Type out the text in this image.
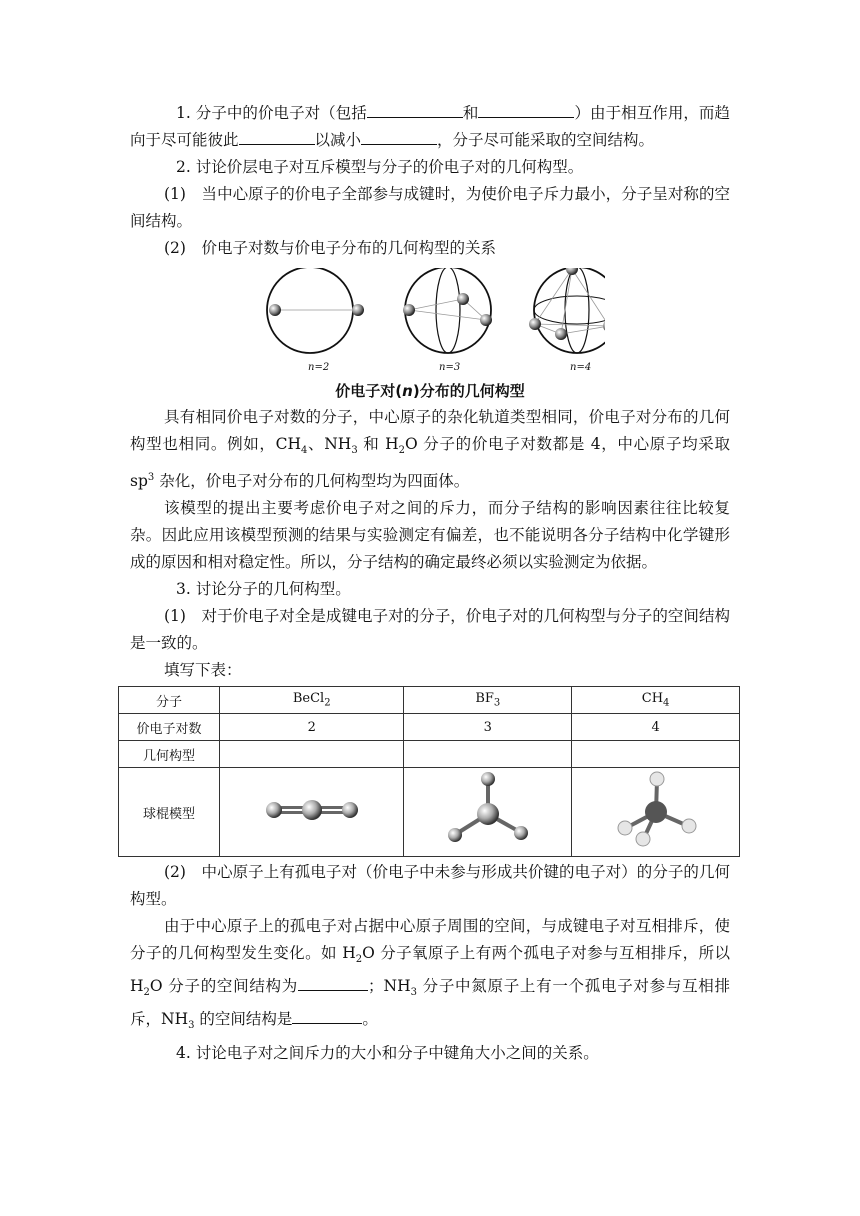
1. 分子中的价电子对（包括	和	）由于相互作用，而趋向于尽可能彼此	以减小	，分子尽可能采取的空间结构。

2. 讨论价层电子对互斥模型与分子的价电子对的几何构型。

(1)　当中心原子的价电子全部参与成键时，为使价电子斥力最小，分子呈对称的空间结构。

(2)　价电子对数与价电子分布的几何构型的关系

n=2	n=3	n=4
价电子对(n)分布的几何构型

具有相同价电子对数的分子，中心原子的杂化轨道类型相同，价电子对分布的几何构型也相同。例如，$CH_4$、$NH_3$ 和 $H_2O$ 分子的价电子对数都是 4，中心原子均采取 $sp^3$ 杂化，价电子对分布的几何构型均为四面体。

该模型的提出主要考虑价电子对之间的斥力，而分子结构的影响因素往往比较复杂。因此应用该模型预测的结果与实验测定有偏差，也不能说明各分子结构中化学键形成的原因和相对稳定性。所以，分子结构的确定最终必须以实验测定为依据。

3. 讨论分子的几何构型。

(1)　对于价电子对全是成键电子对的分子，价电子对的几何构型与分子的空间结构是一致的。

填写下表：

分子	BeCl$_2$	$BF_3$	$CH_4$
价电子对数	2	3	4
几何构型			
球棍模型			

(2)　中心原子上有孤电子对（价电子中未参与形成共价键的电子对）的分子的几何构型。

由于中心原子上的孤电子对占据中心原子周围的空间，与成键电子对互相排斥，使分子的几何构型发生变化。如 $H_2O$ 分子氧原子上有两个孤电子对参与互相排斥，所以 $H_2O$ 分子的空间结构为	；$NH_3$ 分子中氮原子上有一个孤电子对参与互相排斥，$NH_3$ 的空间结构是	。

4. 讨论电子对之间斥力的大小和分子中键角大小之间的关系。
